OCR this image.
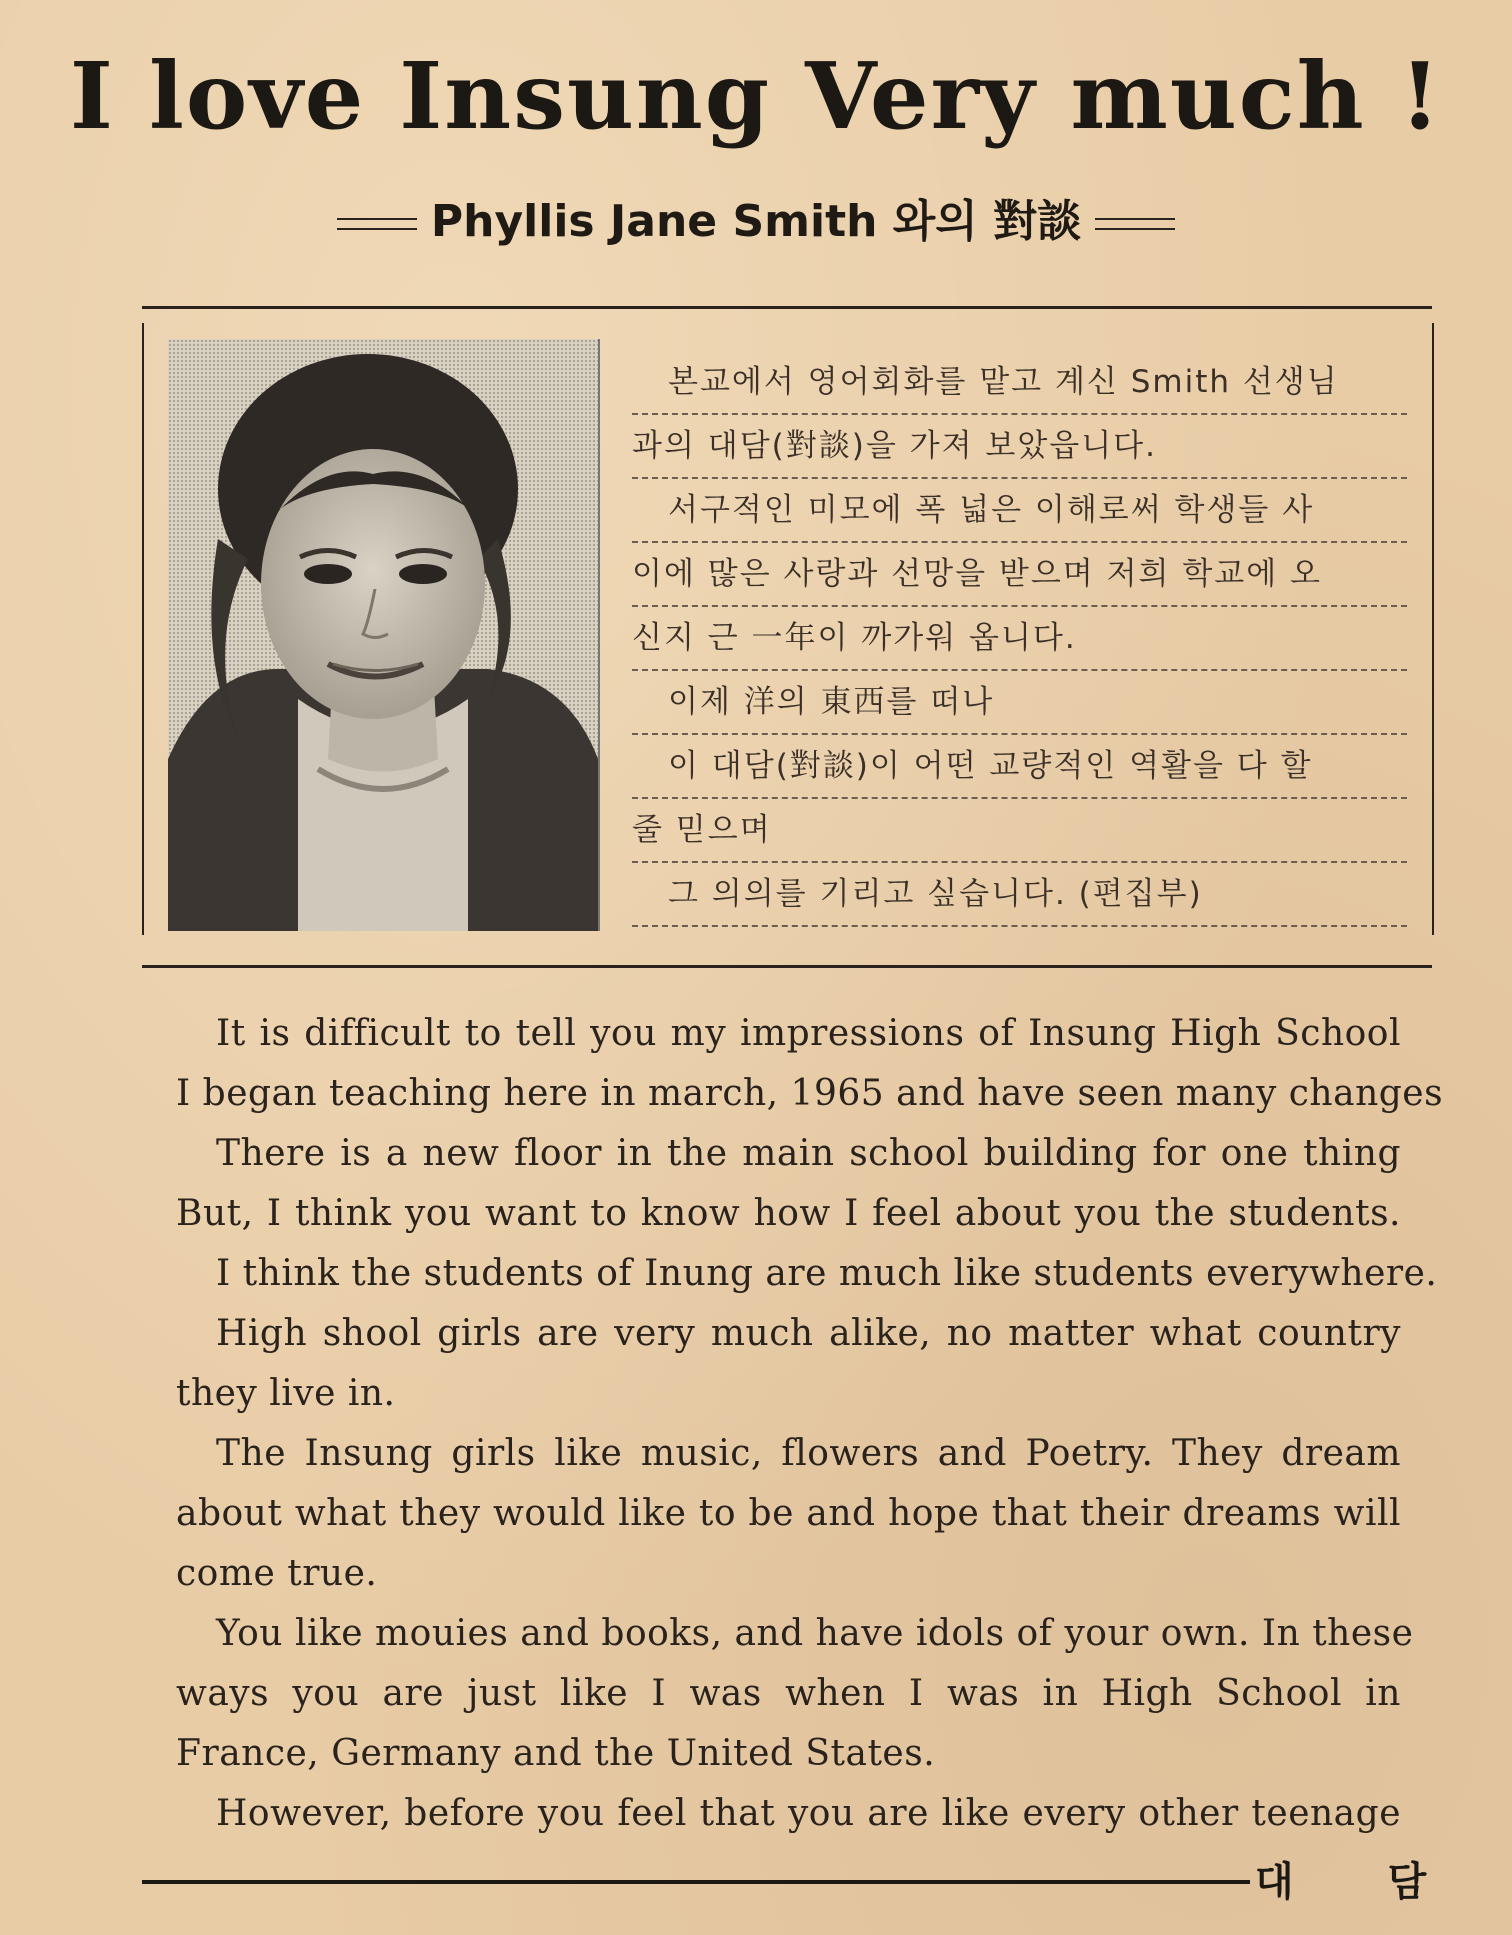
I love Insung Very much !
Phyllis Jane Smith 와의 對談
본교에서 영어회화를 맡고 계신 Smith 선생님
과의 대담(對談)을 가져 보았읍니다.
서구적인 미모에 폭 넓은 이해로써 학생들 사
이에 많은 사랑과 선망을 받으며 저희 학교에 오
신지 근 一年이 까가워 옵니다.
이제 洋의 東西를 떠나
이 대담(對談)이 어떤 교량적인 역활을 다 할
줄 믿으며
그 의의를 기리고 싶습니다. (편집부)
It is difficult to tell you my impressions of Insung High School
I began teaching here in march, 1965 and have seen many changes
There is a new floor in the main school building for one thing
But, I think you want to know how I feel about you the students.
I think the students of Inung are much like students everywhere.
High shool girls are very much alike, no matter what country
they live in.
The Insung girls like music, flowers and Poetry. They dream
about what they would like to be and hope that their dreams will
come true.
You like mouies and books, and have idols of your own. In these
ways you are just like I was when I was in High School in
France, Germany and the United States.
However, before you feel that you are like every other teenage
대 담
